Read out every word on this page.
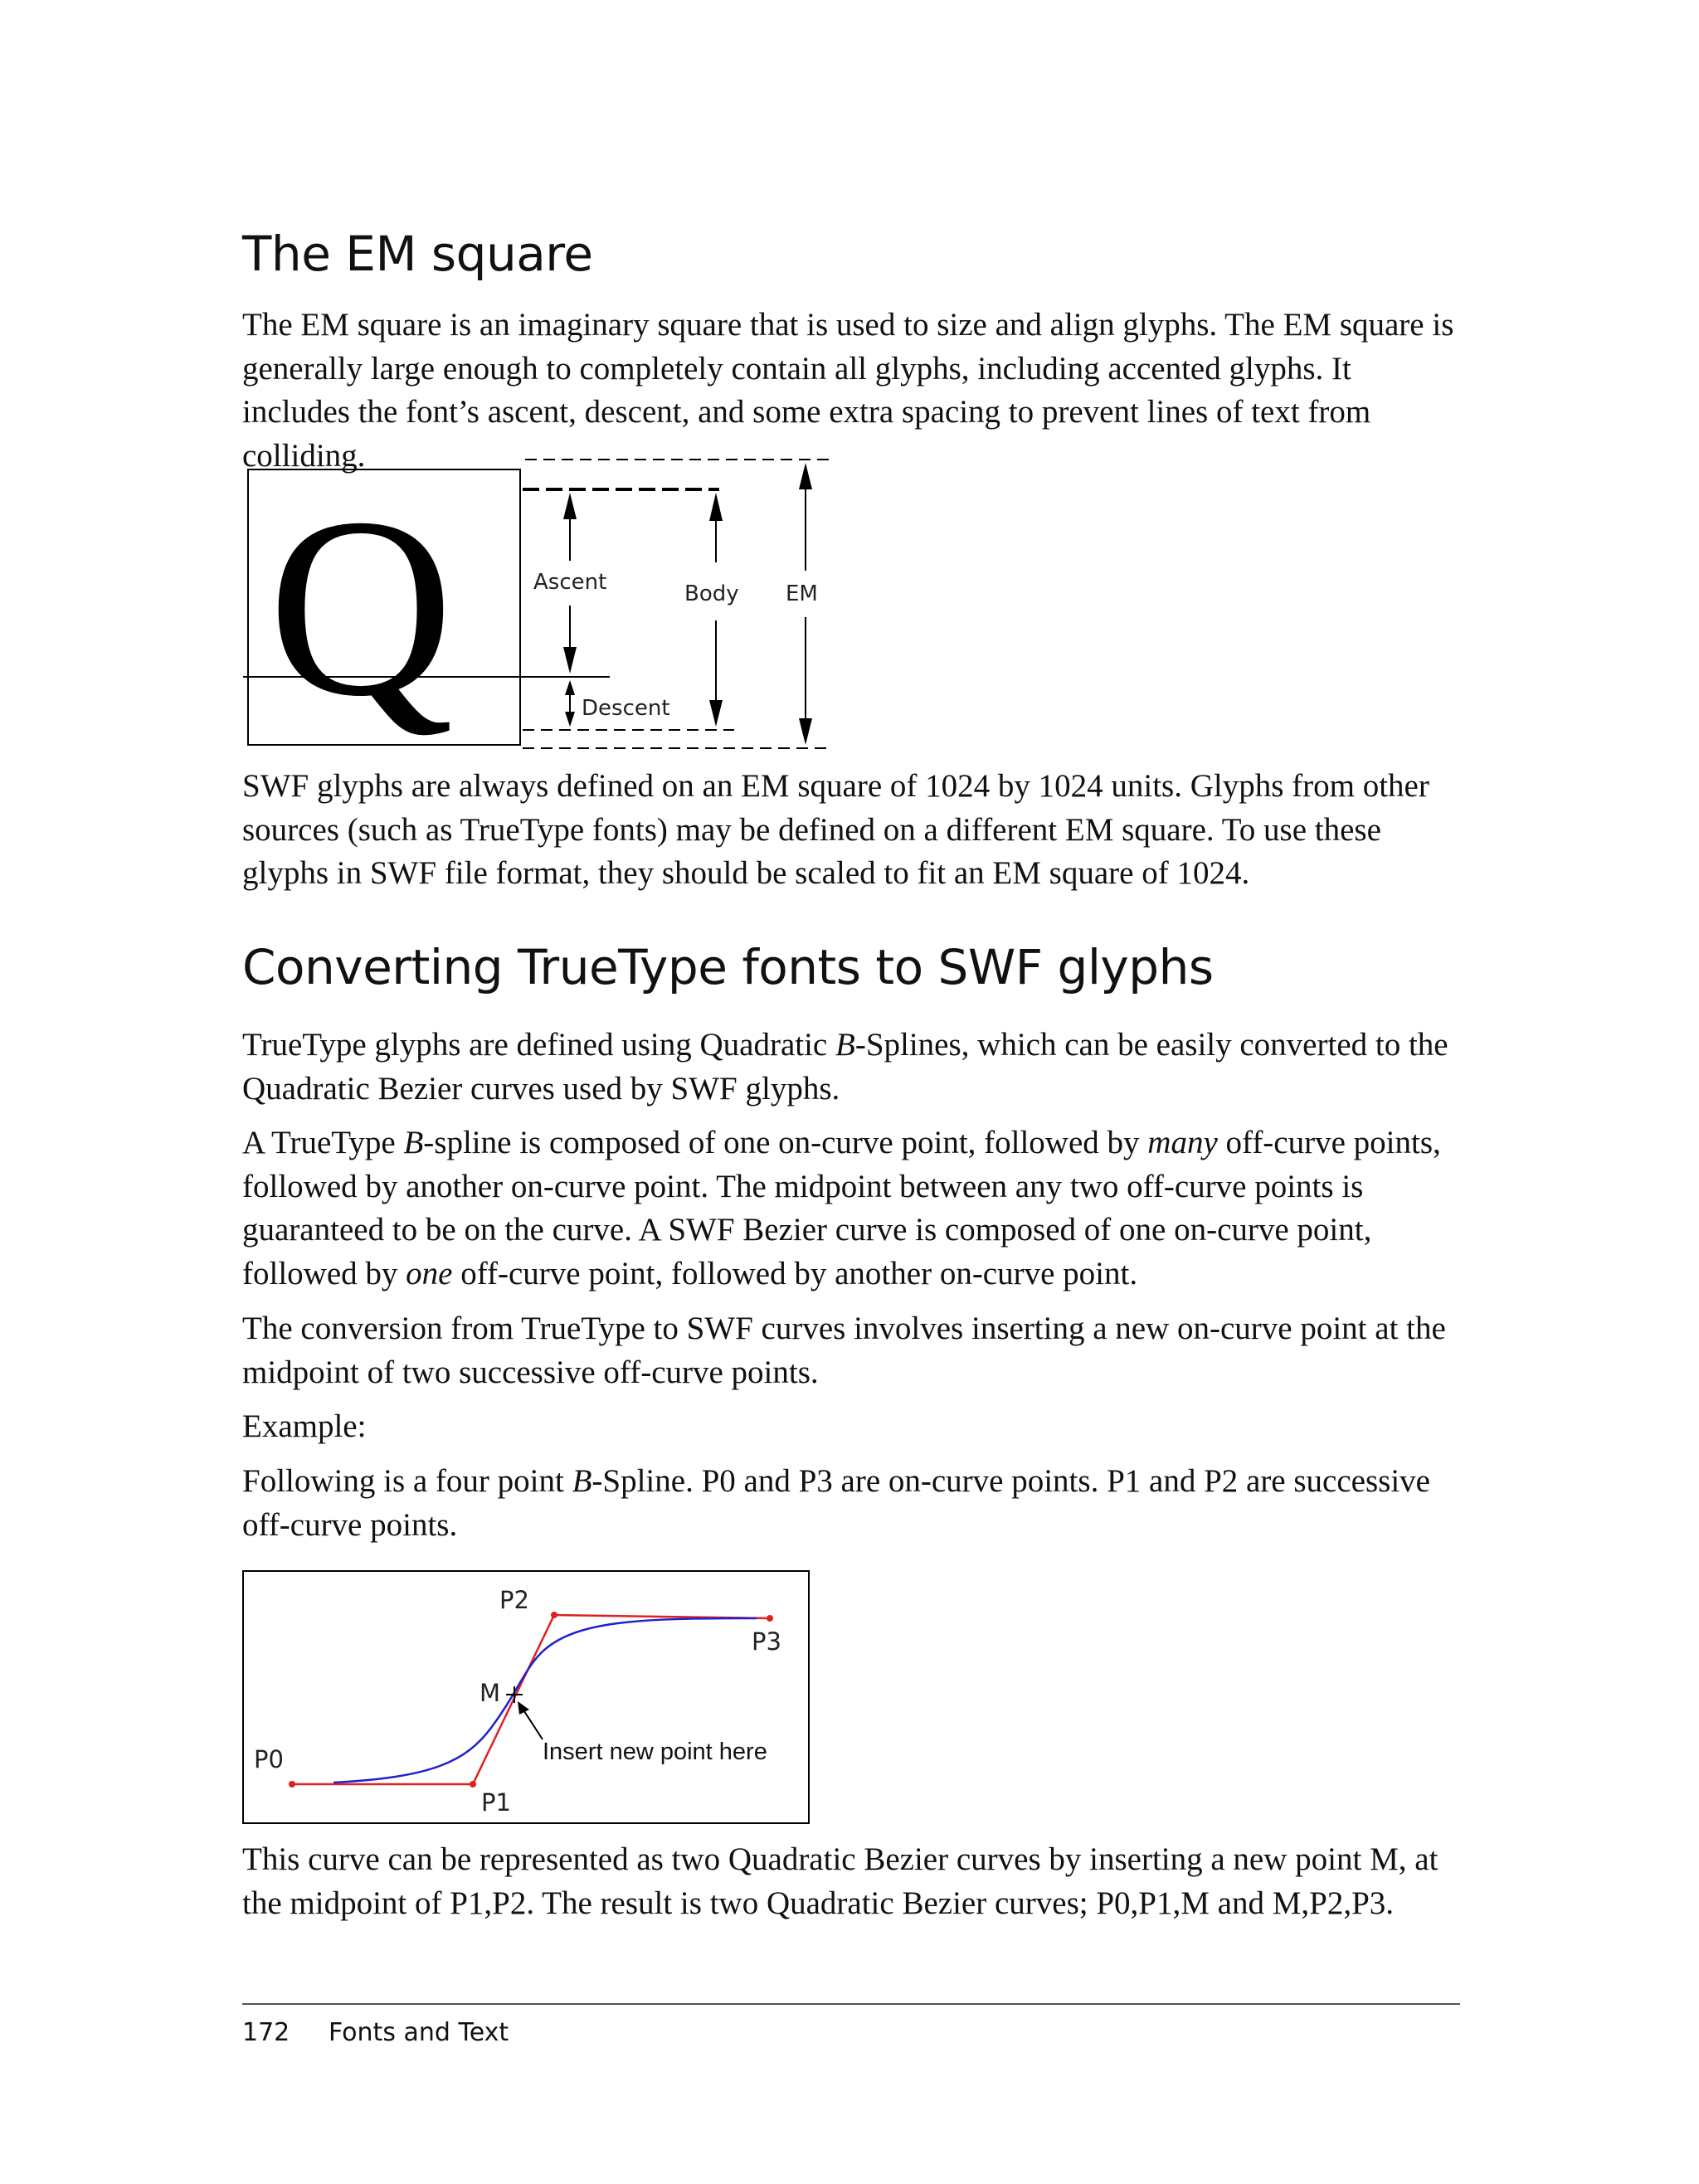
The EM square

The EM square is an imaginary square that is used to size and align glyphs. The EM square is generally large enough to completely contain all glyphs, including accented glyphs. It includes the font’s ascent, descent, and some extra spacing to prevent lines of text from colliding.

Q	Ascent
Descent
Body EM

SWF glyphs are always defined on an EM square of 1024 by 1024 units. Glyphs from other sources (such as TrueType fonts) may be defined on a different EM square. To use these glyphs in SWF file format, they should be scaled to fit an EM square of 1024.

Converting TrueType fonts to SWF glyphs

TrueType glyphs are defined using Quadratic B-Splines, which can be easily converted to the Quadratic Bezier curves used by SWF glyphs.

A TrueType B-spline is composed of one on-curve point, followed by many off-curve points, followed by another on-curve point. The midpoint between any two off-curve points is guaranteed to be on the curve. A SWF Bezier curve is composed of one on-curve point, followed by one off-curve point, followed by another on-curve point.

The conversion from TrueType to SWF curves involves inserting a new on-curve point at the midpoint of two successive off-curve points.

Example:

Following is a four point B-Spline. P0 and P3 are on-curve points. P1 and P2 are successive off-curve points.

P0
P1
P2
P3
M
Insert new point here

This curve can be represented as two Quadratic Bezier curves by inserting a new point M, at the midpoint of P1,P2. The result is two Quadratic Bezier curves; P0,P1,M and M,P2,P3.

172 Fonts and Text
